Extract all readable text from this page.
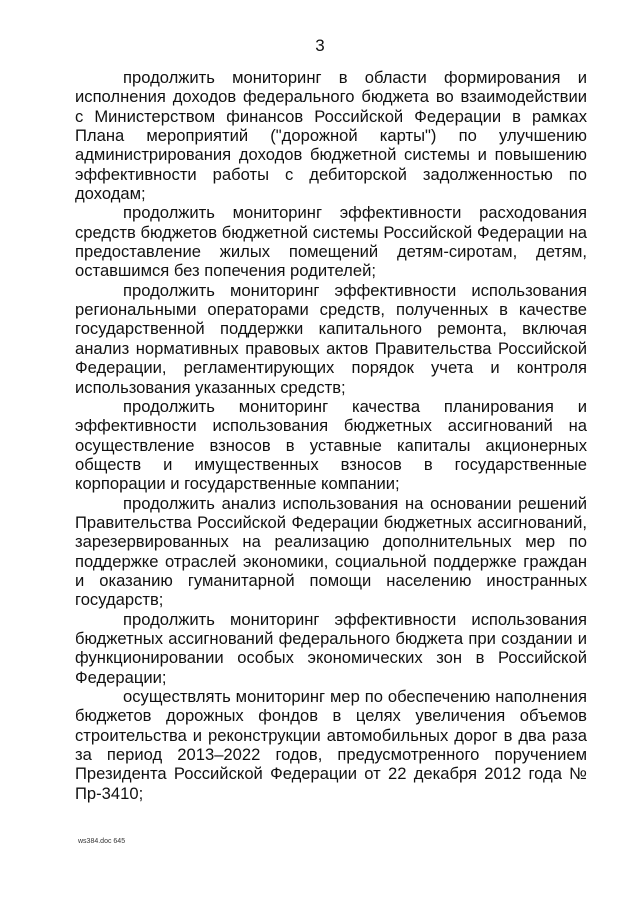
3

продолжить мониторинг в области формирования и исполнения доходов федерального бюджета во взаимодействии с Министерством финансов Российской Федерации в рамках Плана мероприятий ("дорожной карты") по улучшению администрирования доходов бюджетной системы и повышению эффективности работы с дебиторской задолженностью по доходам;

продолжить мониторинг эффективности расходования средств бюджетов бюджетной системы Российской Федерации на предоставление жилых помещений детям-сиротам, детям, оставшимся без попечения родителей;

продолжить мониторинг эффективности использования региональными операторами средств, полученных в качестве государственной поддержки капитального ремонта, включая анализ нормативных правовых актов Правительства Российской Федерации, регламентирующих порядок учета и контроля использования указанных средств;

продолжить мониторинг качества планирования и эффективности использования бюджетных ассигнований на осуществление взносов в уставные капиталы акционерных обществ и имущественных взносов в государственные корпорации и государственные компании;

продолжить анализ использования на основании решений Правительства Российской Федерации бюджетных ассигнований, зарезервированных на реализацию дополнительных мер по поддержке отраслей экономики, социальной поддержке граждан и оказанию гуманитарной помощи населению иностранных государств;

продолжить мониторинг эффективности использования бюджетных ассигнований федерального бюджета при создании и функционировании особых экономических зон в Российской Федерации;

осуществлять мониторинг мер по обеспечению наполнения бюджетов дорожных фондов в целях увеличения объемов строительства и реконструкции автомобильных дорог в два раза за период 2013–2022 годов, предусмотренного поручением Президента Российской Федерации от 22 декабря 2012 года № Пр-3410;

ws384.doc 645
